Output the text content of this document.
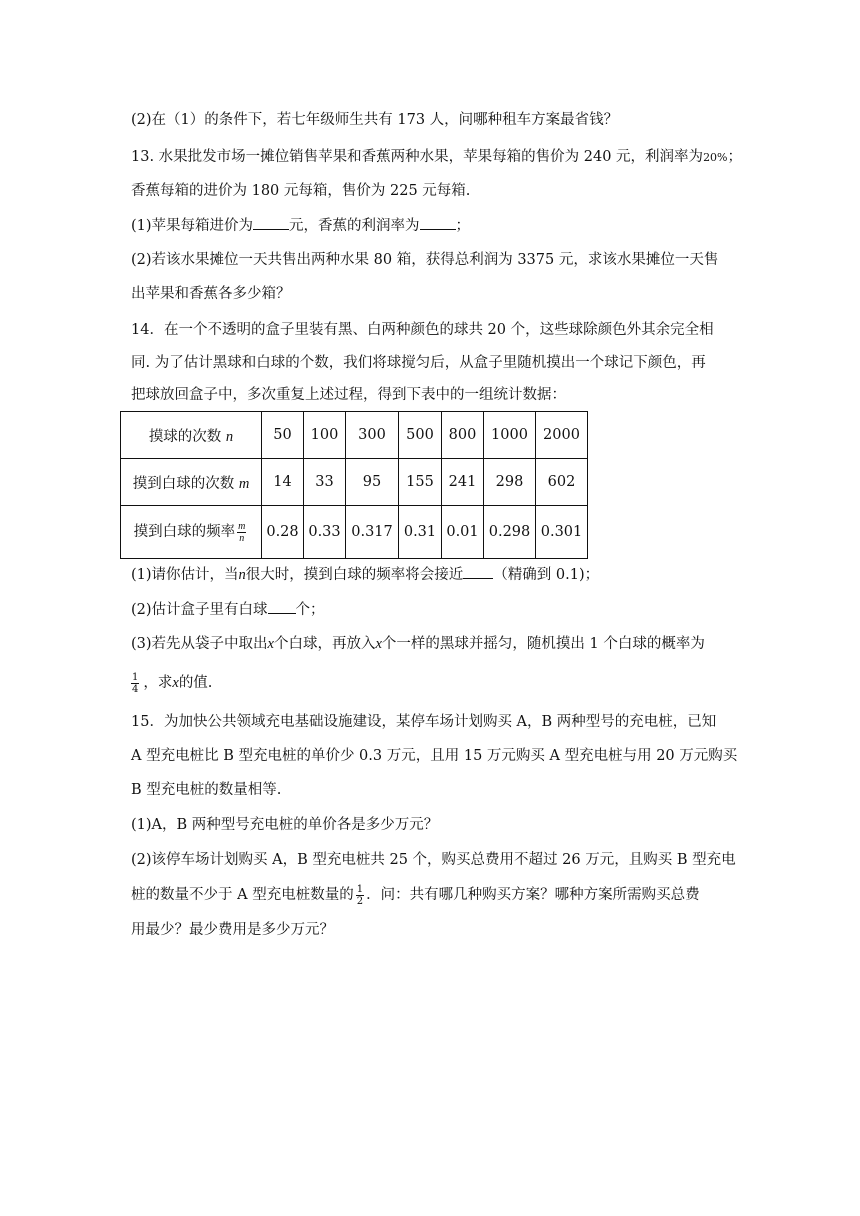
(2)在（1）的条件下，若七年级师生共有 173 人，问哪种租车方案最省钱？
13. 水果批发市场一摊位销售苹果和香蕉两种水果，苹果每箱的售价为 240 元，利润率为20%；
香蕉每箱的进价为 180 元每箱，售价为 225 元每箱.
(1)苹果每箱进价为 元，香蕉的利润率为 ；
(2)若该水果摊位一天共售出两种水果 80 箱，获得总利润为 3375 元，求该水果摊位一天售
出苹果和香蕉各多少箱？
14．在一个不透明的盒子里装有黑、白两种颜色的球共 20 个，这些球除颜色外其余完全相
同. 为了估计黑球和白球的个数，我们将球搅匀后，从盒子里随机摸出一个球记下颜色，再
把球放回盒子中，多次重复上述过程，得到下表中的一组统计数据：
摸球的次数 n	50	100	300	500	800	1000	2000
摸到白球的次数 m	14	33	95	155	241	298	602
摸到白球的频率 $\frac{m}{n}$	0.28	0.33	0.317	0.31	0.01	0.298	0.301
(1)请你估计，当n很大时，摸到白球的频率将会接近 （精确到 0.1)；
(2)估计盒子里有白球 个；
(3)若先从袋子中取出x个白球，再放入x个一样的黑球并摇匀，随机摸出 1 个白球的概率为
$\frac{1}{4}$ ，求x的值.
15．为加快公共领域充电基础设施建设，某停车场计划购买 A，B 两种型号的充电桩，已知
A 型充电桩比 B 型充电桩的单价少 0.3 万元，且用 15 万元购买 A 型充电桩与用 20 万元购买
B 型充电桩的数量相等.
(1)A，B 两种型号充电桩的单价各是多少万元？
(2)该停车场计划购买 A，B 型充电桩共 25 个，购买总费用不超过 26 万元，且购买 B 型充电
桩的数量不少于 A 型充电桩数量的 $\frac{1}{2}$ ．问：共有哪几种购买方案？哪种方案所需购买总费
用最少？最少费用是多少万元？
